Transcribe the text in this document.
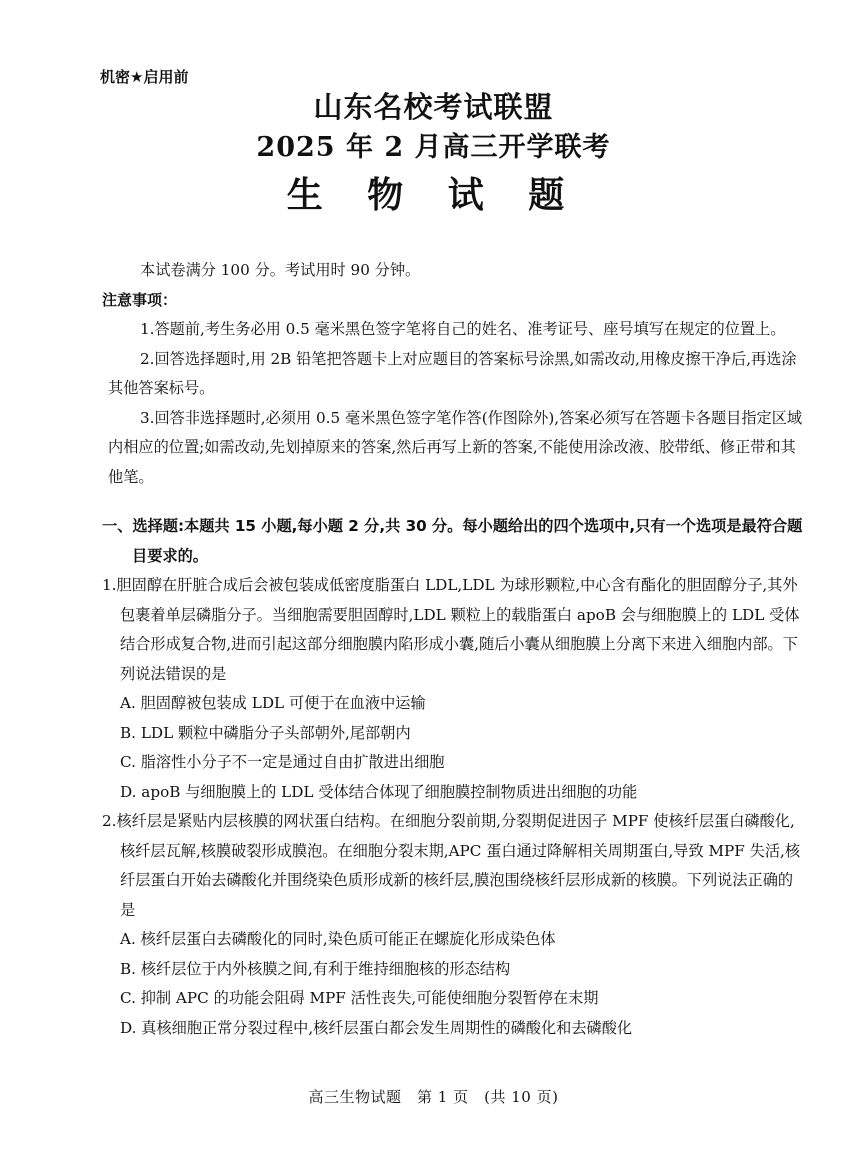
机密★启用前
山东名校考试联盟
2025 年 2 月高三开学联考
生 物 试 题

本试卷满分 100 分。考试用时 90 分钟。

注意事项：

1.答题前,考生务必用 0.5 毫米黑色签字笔将自己的姓名、准考证号、座号填写在规定的位置上。

2.回答选择题时,用 2B 铅笔把答题卡上对应题目的答案标号涂黑,如需改动,用橡皮擦干净后,再选涂其他答案标号。

3.回答非选择题时,必须用 0.5 毫米黑色签字笔作答(作图除外),答案必须写在答题卡各题目指定区域内相应的位置;如需改动,先划掉原来的答案,然后再写上新的答案,不能使用涂改液、胶带纸、修正带和其他笔。

一、选择题:本题共 15 小题,每小题 2 分,共 30 分。每小题给出的四个选项中,只有一个选项是最符合题目要求的。

1.胆固醇在肝脏合成后会被包装成低密度脂蛋白 LDL,LDL 为球形颗粒,中心含有酯化的胆固醇分子,其外包裹着单层磷脂分子。当细胞需要胆固醇时,LDL 颗粒上的载脂蛋白 apoB 会与细胞膜上的 LDL 受体结合形成复合物,进而引起这部分细胞膜内陷形成小囊,随后小囊从细胞膜上分离下来进入细胞内部。下列说法错误的是

A. 胆固醇被包装成 LDL 可便于在血液中运输

B. LDL 颗粒中磷脂分子头部朝外,尾部朝内

C. 脂溶性小分子不一定是通过自由扩散进出细胞

D. apoB 与细胞膜上的 LDL 受体结合体现了细胞膜控制物质进出细胞的功能

2.核纤层是紧贴内层核膜的网状蛋白结构。在细胞分裂前期,分裂期促进因子 MPF 使核纤层蛋白磷酸化,核纤层瓦解,核膜破裂形成膜泡。在细胞分裂末期,APC 蛋白通过降解相关周期蛋白,导致 MPF 失活,核纤层蛋白开始去磷酸化并围绕染色质形成新的核纤层,膜泡围绕核纤层形成新的核膜。下列说法正确的是

A. 核纤层蛋白去磷酸化的同时,染色质可能正在螺旋化形成染色体

B. 核纤层位于内外核膜之间,有利于维持细胞核的形态结构

C. 抑制 APC 的功能会阻碍 MPF 活性丧失,可能使细胞分裂暂停在末期

D. 真核细胞正常分裂过程中,核纤层蛋白都会发生周期性的磷酸化和去磷酸化

高三生物试题　第 1 页　(共 10 页)
